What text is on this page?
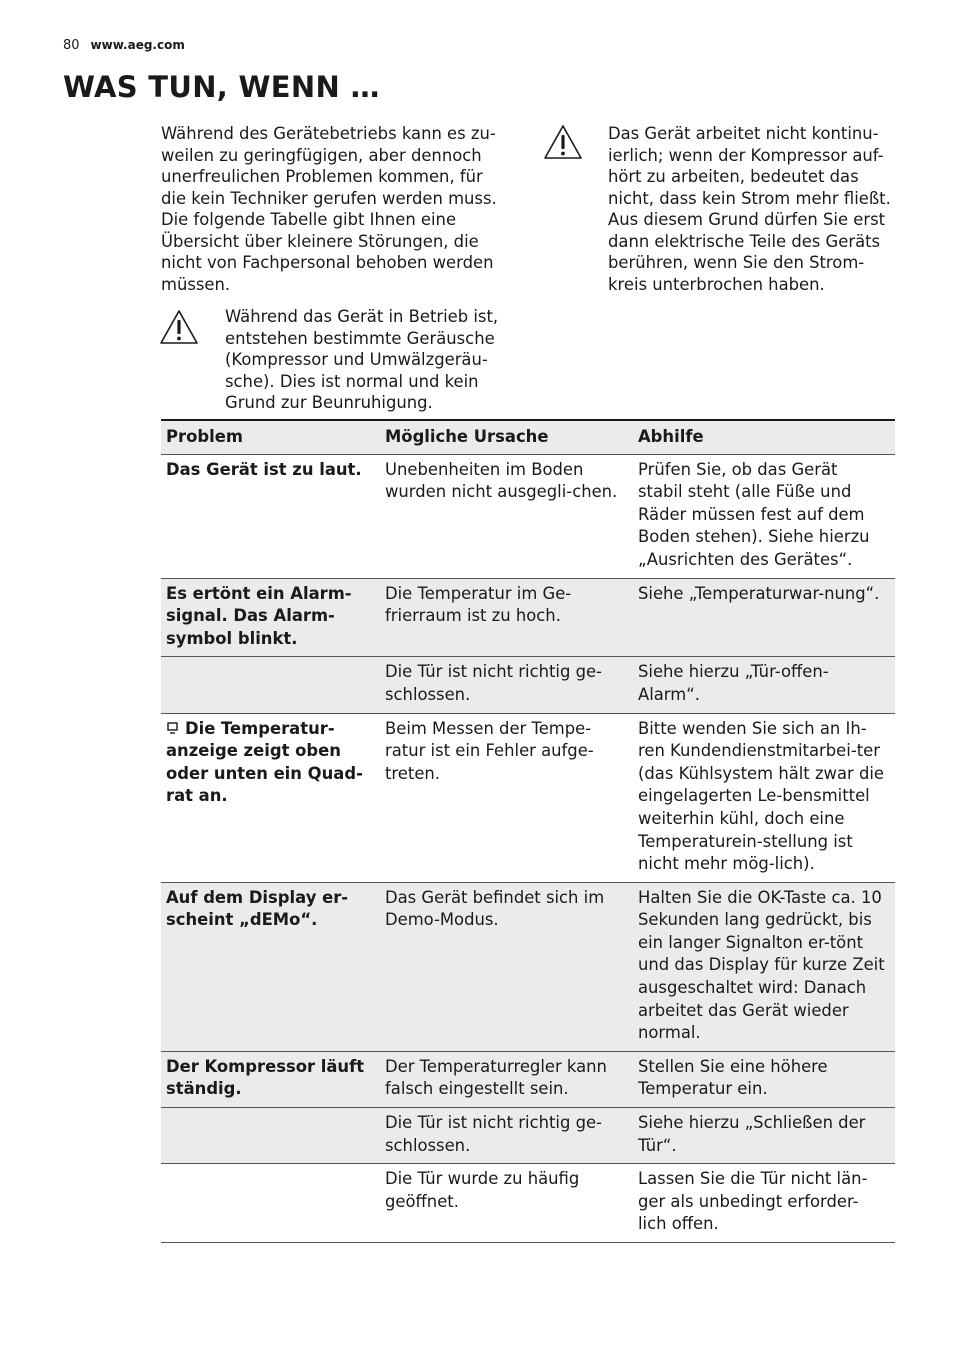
80 www.aeg.com
WAS TUN, WENN …

Während des Gerätebetriebs kann es zu-weilen zu geringfügigen, aber dennoch unerfreulichen Problemen kommen, für die kein Techniker gerufen werden muss. Die folgende Tabelle gibt Ihnen eine Übersicht über kleinere Störungen, die nicht von Fachpersonal behoben werden müssen.

Während das Gerät in Betrieb ist, entstehen bestimmte Geräusche (Kompressor und Umwälzgeräu-sche). Dies ist normal und kein Grund zur Beunruhigung.

Das Gerät arbeitet nicht kontinu-ierlich; wenn der Kompressor auf-hört zu arbeiten, bedeutet das nicht, dass kein Strom mehr fließt. Aus diesem Grund dürfen Sie erst dann elektrische Teile des Geräts berühren, wenn Sie den Strom-kreis unterbrochen haben.

Problem	Mögliche Ursache	Abhilfe
Das Gerät ist zu laut.	Unebenheiten im Boden wurden nicht ausgegli-chen.	Prüfen Sie, ob das Gerät stabil steht (alle Füße und Räder müssen fest auf dem Boden stehen). Siehe hierzu „Ausrichten des Gerätes“.
Es ertönt ein Alarm-signal. Das Alarm-symbol blinkt.	Die Temperatur im Ge-frierraum ist zu hoch.	Siehe „Temperaturwar-nung“.
	Die Tür ist nicht richtig ge-schlossen.	Siehe hierzu „Tür-offen-Alarm“.
Die Temperatur-anzeige zeigt oben oder unten ein Quad-rat an.	Beim Messen der Tempe-ratur ist ein Fehler aufge-treten.	Bitte wenden Sie sich an Ih-ren Kundendienstmitarbei-ter (das Kühlsystem hält zwar die eingelagerten Le-bensmittel weiterhin kühl, doch eine Temperaturein-stellung ist nicht mehr mög-lich).
Auf dem Display er-scheint „dEMo“.	Das Gerät befindet sich im Demo-Modus.	Halten Sie die OK-Taste ca. 10 Sekunden lang gedrückt, bis ein langer Signalton er-tönt und das Display für kurze Zeit ausgeschaltet wird: Danach arbeitet das Gerät wieder normal.
Der Kompressor läuft ständig.	Der Temperaturregler kann falsch eingestellt sein.	Stellen Sie eine höhere Temperatur ein.
	Die Tür ist nicht richtig ge-schlossen.	Siehe hierzu „Schließen der Tür“.
	Die Tür wurde zu häufig geöffnet.	Lassen Sie die Tür nicht län-ger als unbedingt erforder-lich offen.
